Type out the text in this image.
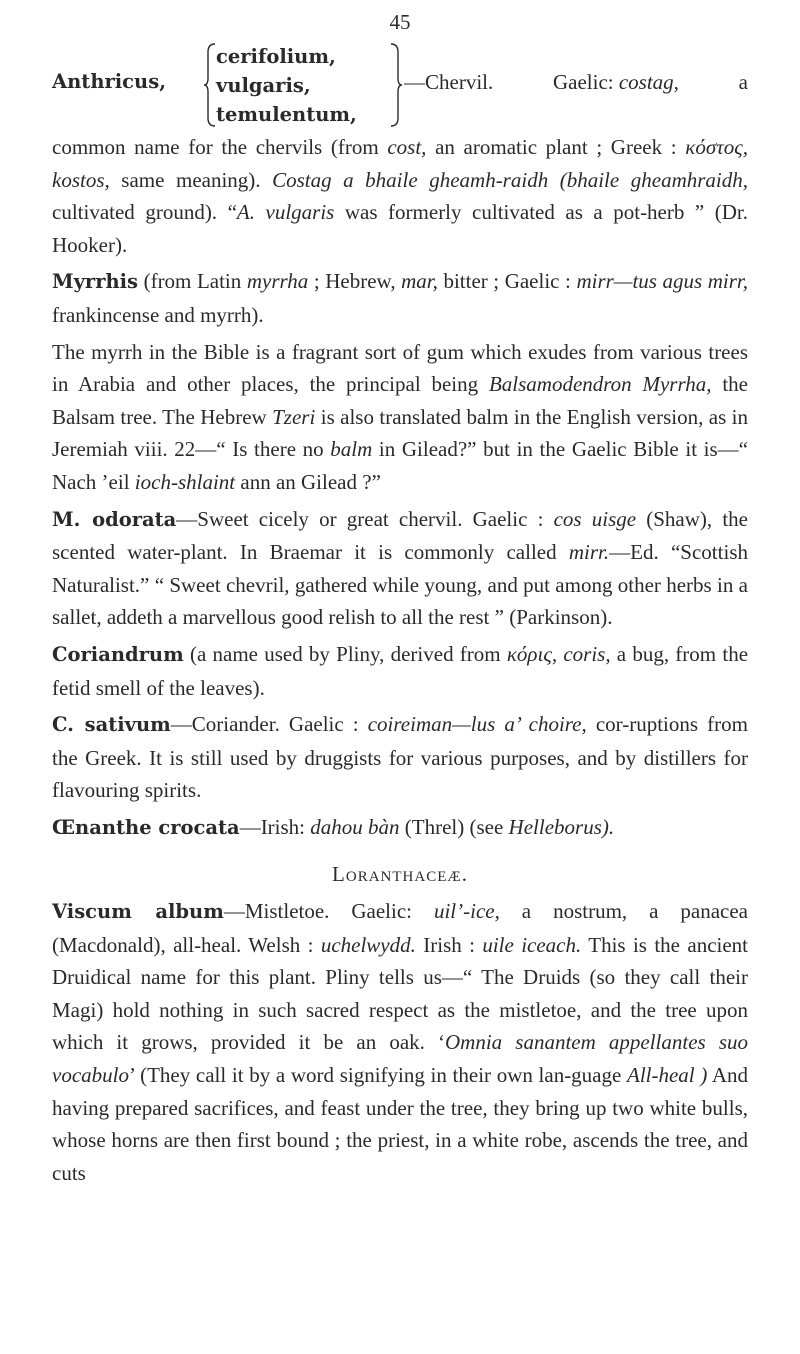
45
Anthricus,
cerifolium,
vulgaris,
temulentum,
—Chervil.	Gaelic: costag,	a

common name for the chervils (from cost, an aromatic plant ; Greek : κόστος, kostos, same meaning). Costag a bhaile gheamh-raidh (bhaile gheamhraidh, cultivated ground). “A. vulgaris was formerly cultivated as a pot-herb ” (Dr. Hooker).

Myrrhis (from Latin myrrha ; Hebrew, mar, bitter ; Gaelic : mirr—tus agus mirr, frankincense and myrrh).

The myrrh in the Bible is a fragrant sort of gum which exudes from various trees in Arabia and other places, the principal being Balsamodendron Myrrha, the Balsam tree. The Hebrew Tzeri is also translated balm in the English version, as in Jeremiah viii. 22—“ Is there no balm in Gilead?” but in the Gaelic Bible it is—“ Nach ’eil ioch-shlaint ann an Gilead ?”

M. odorata—Sweet cicely or great chervil. Gaelic : cos uisge (Shaw), the scented water-plant. In Braemar it is commonly called mirr.—Ed. “Scottish Naturalist.” “ Sweet chevril, gathered while young, and put among other herbs in a sallet, addeth a marvellous good relish to all the rest ” (Parkinson).

Coriandrum (a name used by Pliny, derived from κόρις, coris, a bug, from the fetid smell of the leaves).

C. sativum—Coriander. Gaelic : coireiman—lus a’ choire, cor-ruptions from the Greek. It is still used by druggists for various purposes, and by distillers for flavouring spirits.

Œnanthe crocata—Irish: dahou bàn (Threl) (see Helleborus).

Loranthaceæ.

Viscum album—Mistletoe. Gaelic: uil’-ice, a nostrum, a panacea (Macdonald), all-heal. Welsh : uchelwydd. Irish : uile iceach. This is the ancient Druidical name for this plant. Pliny tells us—“ The Druids (so they call their Magi) hold nothing in such sacred respect as the mistletoe, and the tree upon which it grows, provided it be an oak. ‘Omnia sanantem appellantes suo vocabulo’ (They call it by a word signifying in their own lan-guage All-heal ) And having prepared sacrifices, and feast under the tree, they bring up two white bulls, whose horns are then first bound ; the priest, in a white robe, ascends the tree, and cuts
